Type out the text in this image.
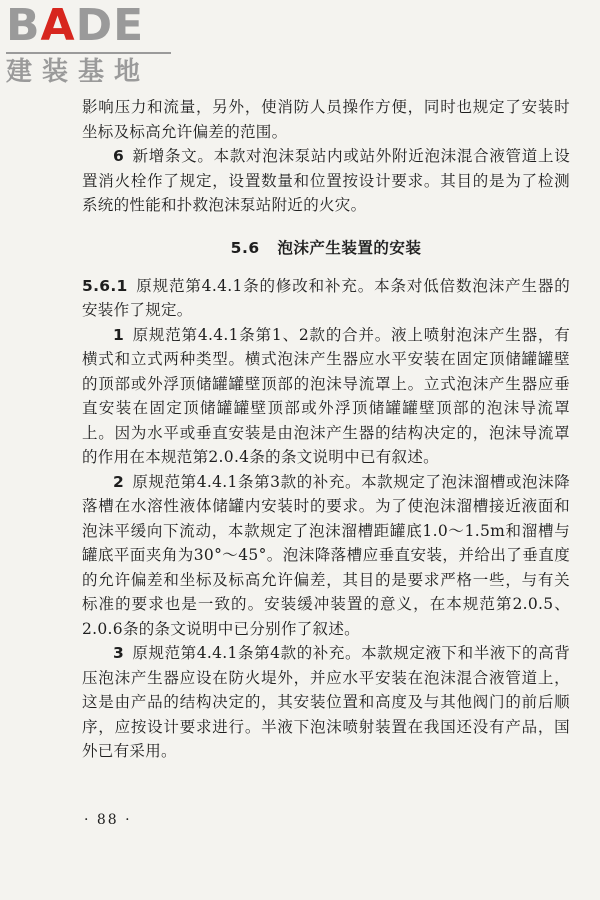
BADE
建装基地

影响压力和流量，另外，使消防人员操作方便，同时也规定了安装时坐标及标高允许偏差的范围。

6 新增条文。本款对泡沫泵站内或站外附近泡沫混合液管道上设置消火栓作了规定，设置数量和位置按设计要求。其目的是为了检测系统的性能和扑救泡沫泵站附近的火灾。

5.6 泡沫产生装置的安装

5.6.1 原规范第4.4.1条的修改和补充。本条对低倍数泡沫产生器的安装作了规定。

1 原规范第4.4.1条第1、2款的合并。液上喷射泡沫产生器，有横式和立式两种类型。横式泡沫产生器应水平安装在固定顶储罐罐壁的顶部或外浮顶储罐罐壁顶部的泡沫导流罩上。立式泡沫产生器应垂直安装在固定顶储罐罐壁顶部或外浮顶储罐罐壁顶部的泡沫导流罩上。因为水平或垂直安装是由泡沫产生器的结构决定的，泡沫导流罩的作用在本规范第2.0.4条的条文说明中已有叙述。

2 原规范第4.4.1条第3款的补充。本款规定了泡沫溜槽或泡沫降落槽在水溶性液体储罐内安装时的要求。为了使泡沫溜槽接近液面和泡沫平缓向下流动，本款规定了泡沫溜槽距罐底1.0～1.5m和溜槽与罐底平面夹角为30°～45°。泡沫降落槽应垂直安装，并给出了垂直度的允许偏差和坐标及标高允许偏差，其目的是要求严格一些，与有关标准的要求也是一致的。安装缓冲装置的意义，在本规范第2.0.5、2.0.6条的条文说明中已分别作了叙述。

3 原规范第4.4.1条第4款的补充。本款规定液下和半液下的高背压泡沫产生器应设在防火堤外，并应水平安装在泡沫混合液管道上，这是由产品的结构决定的，其安装位置和高度及与其他阀门的前后顺序，应按设计要求进行。半液下泡沫喷射装置在我国还没有产品，国外已有采用。

· 88 ·
